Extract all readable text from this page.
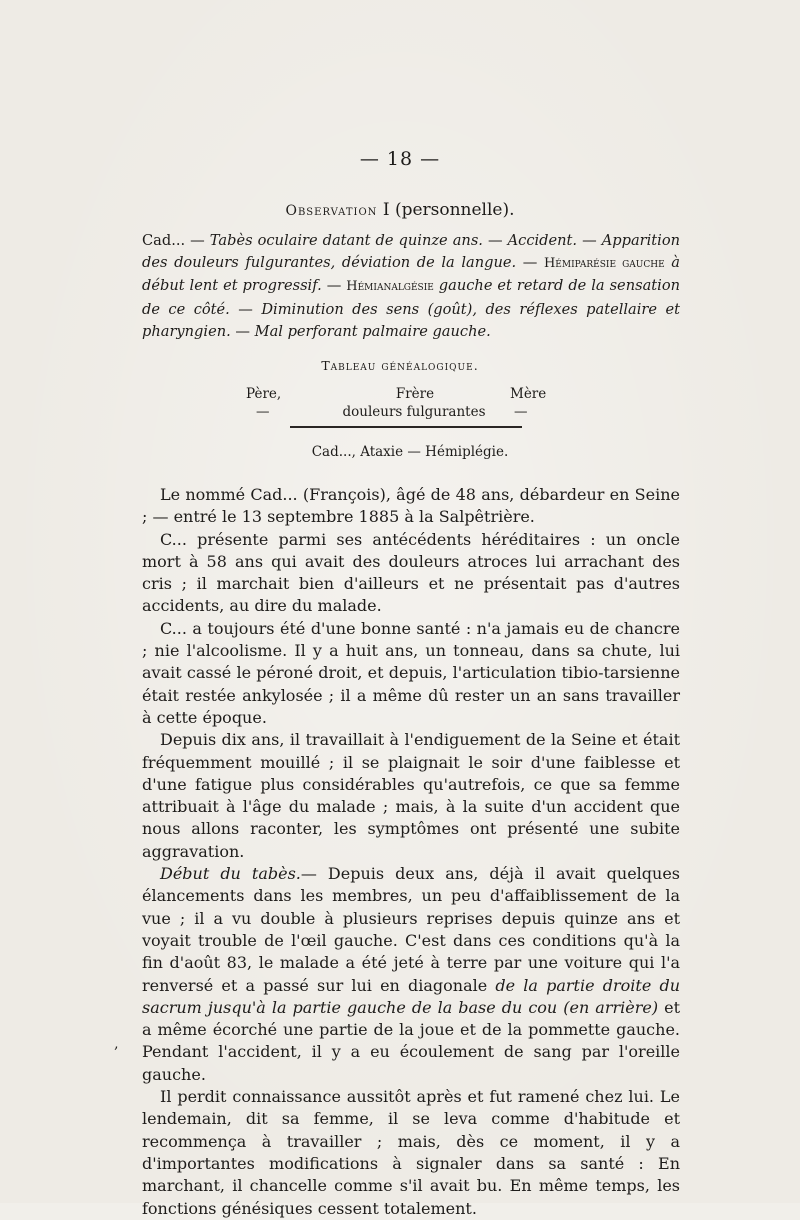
— 18 —
Observation I (personnelle).

Cad... — Tabès oculaire datant de quinze ans. — Accident. — Apparition des douleurs fulgurantes, déviation de la langue. — Hémiparésie gauche à début lent et progressif. — Hémianalgésie gauche et retard de la sensation de ce côté. — Diminution des sens (goût), des réflexes patellaire et pharyngien. — Mal perforant palmaire gauche.

Tableau généalogique.
Père,	Frère	Mère
—	douleurs fulgurantes	—
Cad..., Ataxie — Hémiplégie.

Le nommé Cad... (François), âgé de 48 ans, débardeur en Seine ; — entré le 13 septembre 1885 à la Salpêtrière.

C... présente parmi ses antécédents héréditaires : un oncle mort à 58 ans qui avait des douleurs atroces lui arrachant des cris ; il marchait bien d'ailleurs et ne présentait pas d'autres accidents, au dire du malade.

C... a toujours été d'une bonne santé : n'a jamais eu de chancre ; nie l'alcoolisme. Il y a huit ans, un tonneau, dans sa chute, lui avait cassé le péroné droit, et depuis, l'articulation tibio-tarsienne était restée ankylosée ; il a même dû rester un an sans travailler à cette époque.

Depuis dix ans, il travaillait à l'endiguement de la Seine et était fréquemment mouillé ; il se plaignait le soir d'une faiblesse et d'une fatigue plus considérables qu'autrefois, ce que sa femme attribuait à l'âge du malade ; mais, à la suite d'un accident que nous allons raconter, les symptômes ont présenté une subite aggravation.

Début du tabès.— Depuis deux ans, déjà il avait quelques élancements dans les membres, un peu d'affaiblissement de la vue ; il a vu double à plusieurs reprises depuis quinze ans et voyait trouble de l'œil gauche. C'est dans ces conditions qu'à la fin d'août 83, le malade a été jeté à terre par une voiture qui l'a renversé et a passé sur lui en diagonale de la partie droite du sacrum jusqu'à la partie gauche de la base du cou (en arrière) et a même écorché une partie de la joue et de la pommette gauche. Pendant l'accident, il y a eu écoulement de sang par l'oreille gauche.

Il perdit connaissance aussitôt après et fut ramené chez lui. Le lendemain, dit sa femme, il se leva comme d'habitude et recommença à travailler ; mais, dès ce moment, il y a d'importantes modifications à signaler dans sa santé : En marchant, il chancelle comme s'il avait bu. En même temps, les fonctions génésiques cessent totalement.

‚
